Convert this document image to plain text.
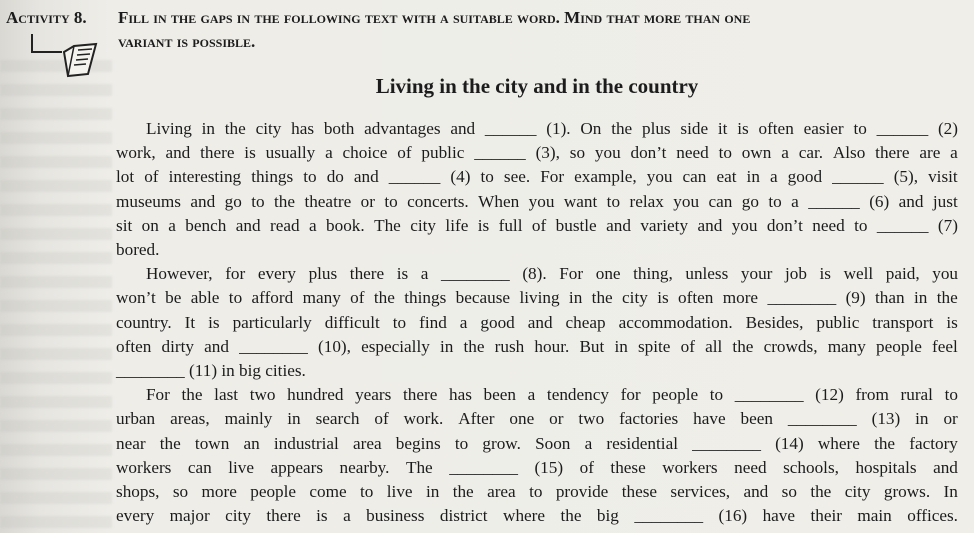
Activity 8. Fill in the gaps in the following text with a suitable word. Mind that more than one
variant is possible.
Living in the city and in the country
Living in the city has both advantages and ______ (1). On the plus side it is often easier to ______ (2)
work, and there is usually a choice of public ______ (3), so you don’t need to own a car. Also there are a
lot of interesting things to do and ______ (4) to see. For example, you can eat in a good ______ (5), visit
museums and go to the theatre or to concerts. When you want to relax you can go to a ______ (6) and just
sit on a bench and read a book. The city life is full of bustle and variety and you don’t need to ______ (7)
bored.
However, for every plus there is a ________ (8). For one thing, unless your job is well paid, you
won’t be able to afford many of the things because living in the city is often more ________ (9) than in the
country. It is particularly difficult to find a good and cheap accommodation. Besides, public transport is
often dirty and ________ (10), especially in the rush hour. But in spite of all the crowds, many people feel
________ (11) in big cities.
For the last two hundred years there has been a tendency for people to ________ (12) from rural to
urban areas, mainly in search of work. After one or two factories have been ________ (13) in or
near the town an industrial area begins to grow. Soon a residential ________ (14) where the factory
workers can live appears nearby. The ________ (15) of these workers need schools, hospitals and
shops, so more people come to live in the area to provide these services, and so the city grows. In
every major city there is a business district where the big ________ (16) have their main offices.
